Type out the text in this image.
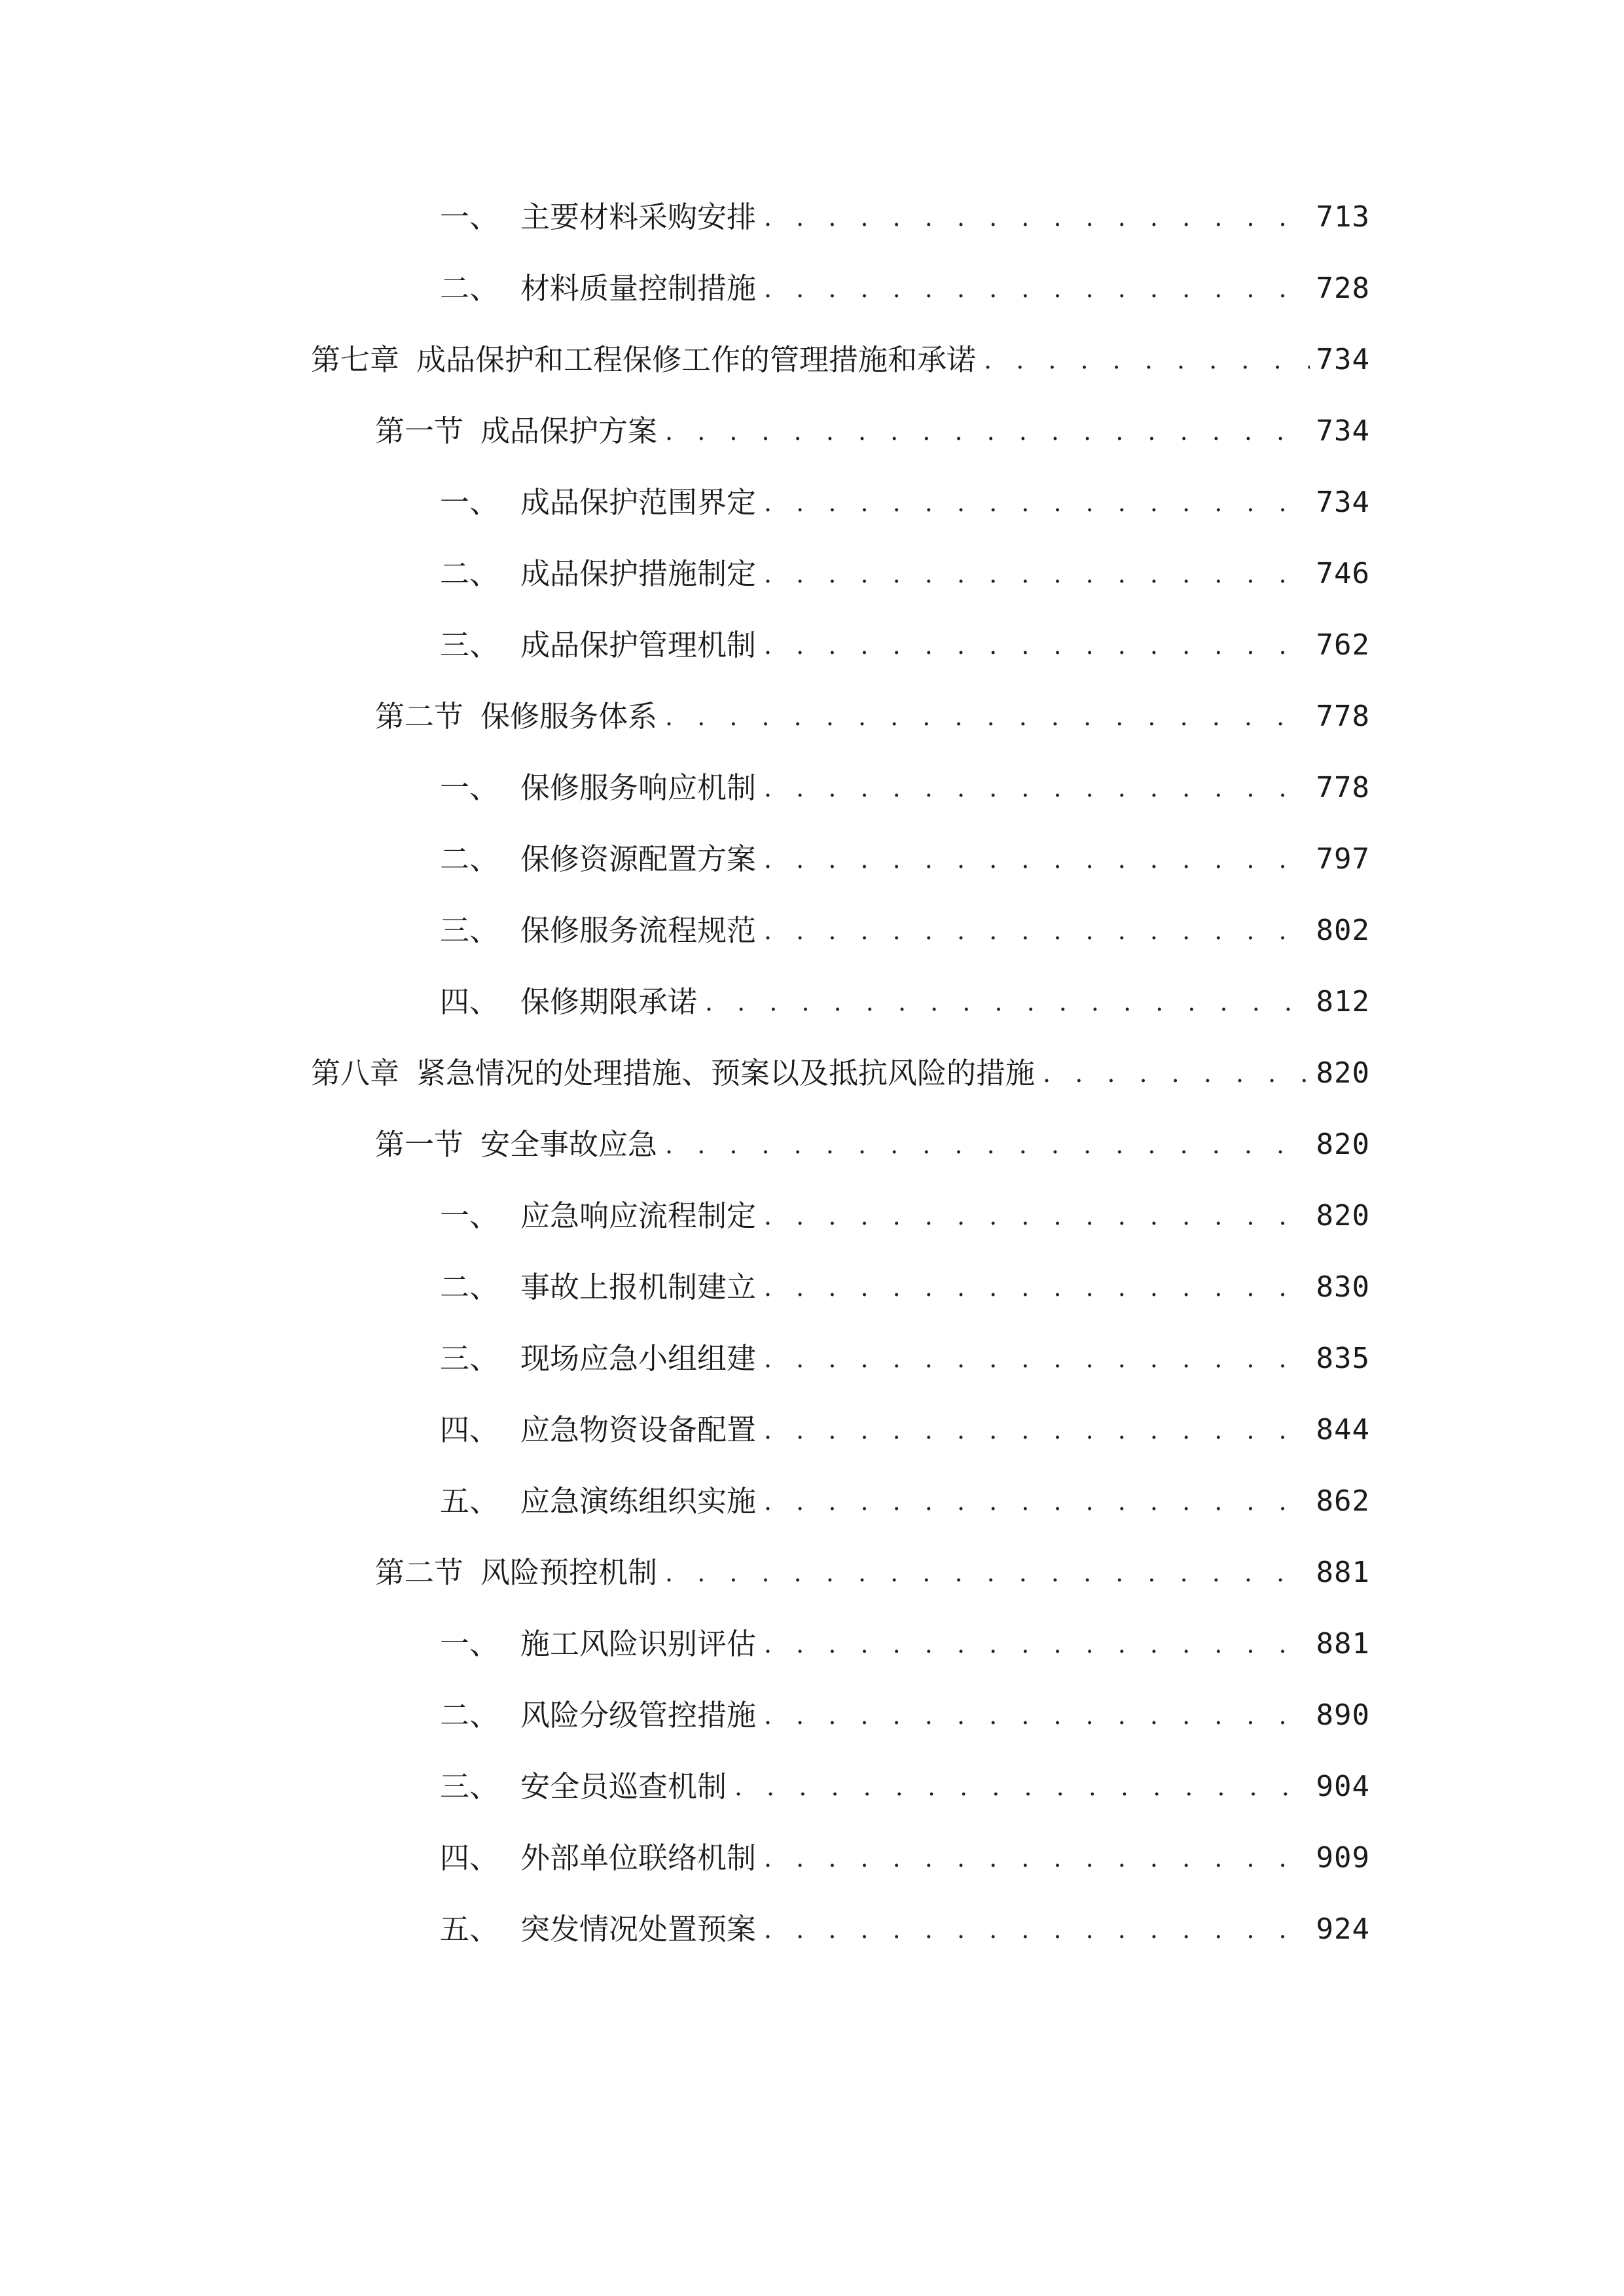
一、 主要材料采购安排 . . .	713
二、 材料质量控制措施 . . .	728
第七章 成品保护和工程保修工作的管理措施和承诺 . . .	734
第一节 成品保护方案 . . .	734
一、 成品保护范围界定 . . .	734
二、 成品保护措施制定 . . .	746
三、 成品保护管理机制 . . .	762
第二节 保修服务体系 . . .	778
一、 保修服务响应机制 . . .	778
二、 保修资源配置方案 . . .	797
三、 保修服务流程规范 . . .	802
四、 保修期限承诺 . . .	812
第八章 紧急情况的处理措施、预案以及抵抗风险的措施 . . .	820
第一节 安全事故应急 . . .	820
一、 应急响应流程制定 . . .	820
二、 事故上报机制建立 . . .	830
三、 现场应急小组组建 . . .	835
四、 应急物资设备配置 . . .	844
五、 应急演练组织实施 . . .	862
第二节 风险预控机制 . . .	881
一、 施工风险识别评估 . . .	881
二、 风险分级管控措施 . . .	890
三、 安全员巡查机制 . . .	904
四、 外部单位联络机制 . . .	909
五、 突发情况处置预案 . . .	924
